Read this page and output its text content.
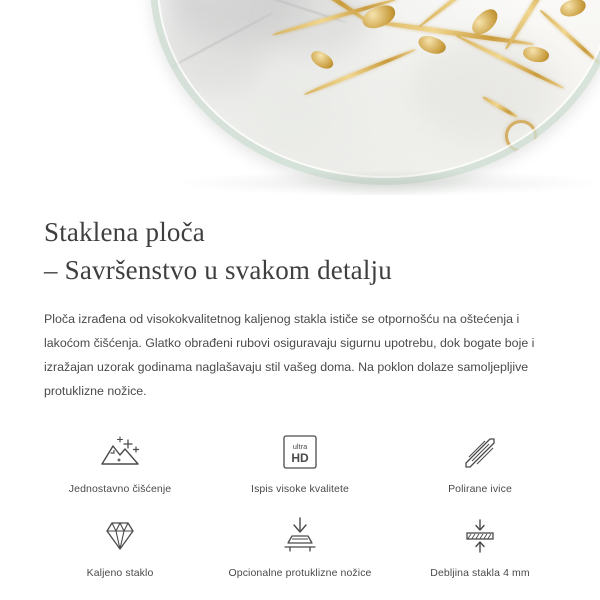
Staklena ploča
– Savršenstvo u svakom detalju

Ploča izrađena od visokokvalitetnog kaljenog stakla ističe se otpornošću na oštećenja i lakoćom čišćenja. Glatko obrađeni rubovi osiguravaju sigurnu upotrebu, dok bogate boje i izražajan uzorak godinama naglašavaju stil vašeg doma. Na poklon dolaze samoljepljive protuklizne nožice.

Jednostavno čišćenje
ultra
HD
Ispis visoke kvalitete	Polirane ivice
Kaljeno staklo	Opcionalne protuklizne nožice	Debljina stakla 4 mm
